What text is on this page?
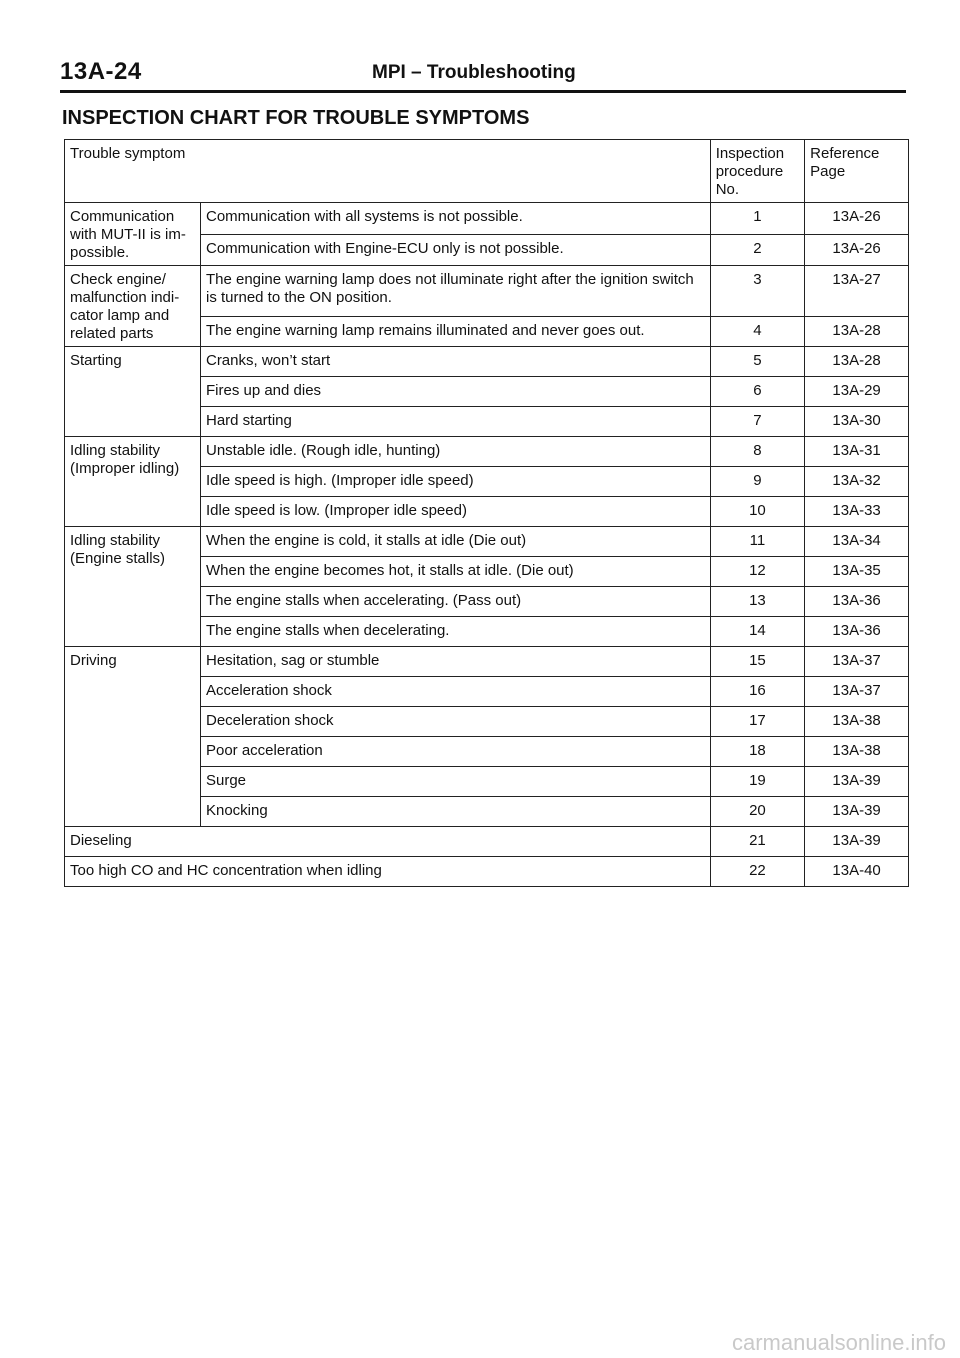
13A-24	MPI – Troubleshooting
INSPECTION CHART FOR TROUBLE SYMPTOMS
Trouble symptom		Inspection procedure No.	Reference Page
Communication with MUT-II is im- possible.	Communication with all systems is not possible.	1	13A-26
	Communication with Engine-ECU only is not possible.	2	13A-26
Check engine/ malfunction indi- cator lamp and related parts	The engine warning lamp does not illuminate right after the ignition switch is turned to the ON position.	3	13A-27
	The engine warning lamp remains illuminated and never goes out.	4	13A-28
Starting	Cranks, won’t start	5	13A-28
	Fires up and dies	6	13A-29
	Hard starting	7	13A-30
Idling stability (Improper idling)	Unstable idle. (Rough idle, hunting)	8	13A-31
	Idle speed is high. (Improper idle speed)	9	13A-32
	Idle speed is low. (Improper idle speed)	10	13A-33
Idling stability (Engine stalls)	When the engine is cold, it stalls at idle (Die out)	11	13A-34
	When the engine becomes hot, it stalls at idle. (Die out)	12	13A-35
	The engine stalls when accelerating. (Pass out)	13	13A-36
	The engine stalls when decelerating.	14	13A-36
Driving	Hesitation, sag or stumble	15	13A-37
	Acceleration shock	16	13A-37
	Deceleration shock	17	13A-38
	Poor acceleration	18	13A-38
	Surge	19	13A-39
	Knocking	20	13A-39
Dieseling		21	13A-39
Too high CO and HC concentration when idling		22	13A-40
carmanualsonline.info
